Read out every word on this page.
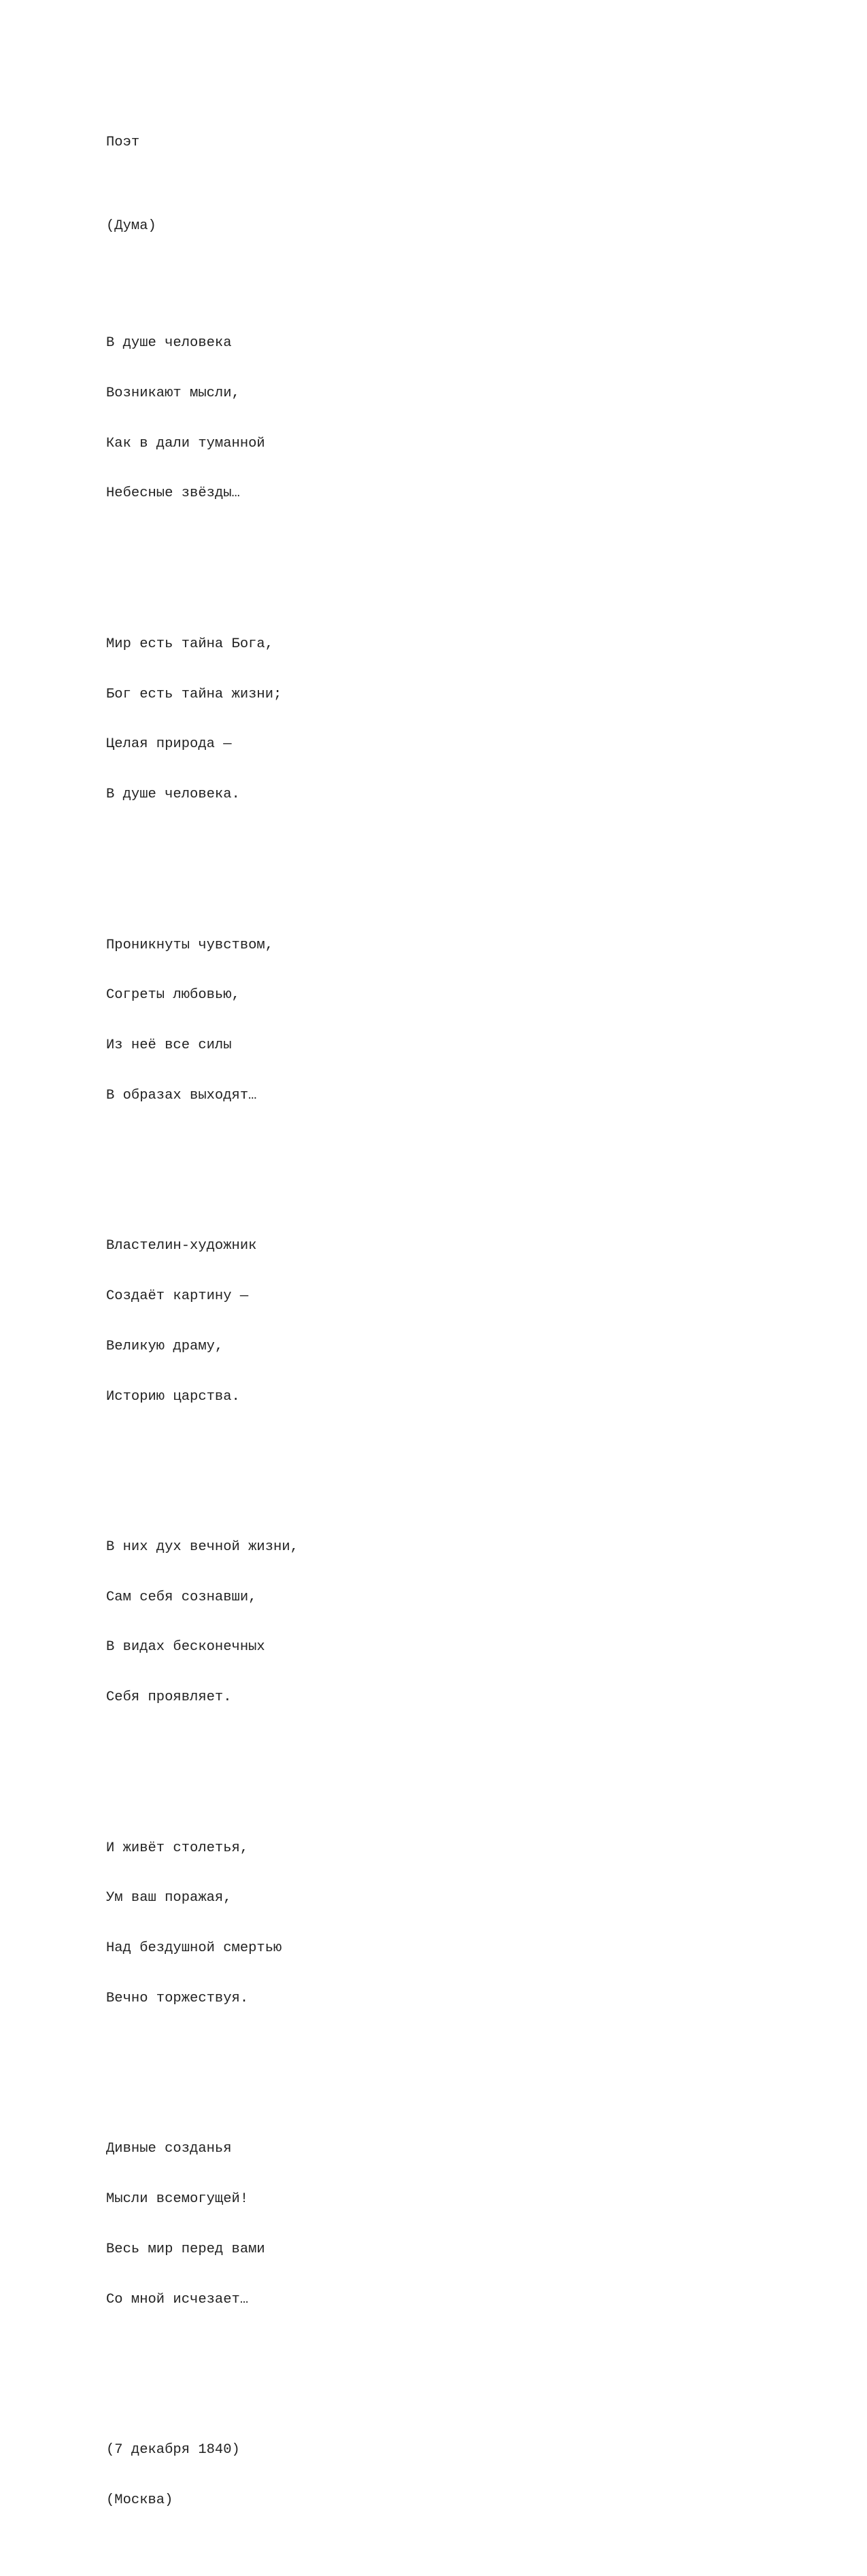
Поэт

(Дума)

В душе человека

Возникают мысли,

Как в дали туманной

Небесные звёзды…

Мир есть тайна Бога,

Бог есть тайна жизни;

Целая природа —

В душе человека.

Проникнуты чувством,

Согреты любовью,

Из неё все силы

В образах выходят…

Властелин-художник

Создаёт картину —

Великую драму,

Историю царства.

В них дух вечной жизни,

Сам себя сознавши,

В видах бесконечных

Себя проявляет.

И живёт столетья,

Ум ваш поражая,

Над бездушной смертью

Вечно торжествуя.

Дивные созданья

Мысли всемогущей!

Весь мир перед вами

Со мной исчезает…

(7 декабря 1840)

(Москва)
